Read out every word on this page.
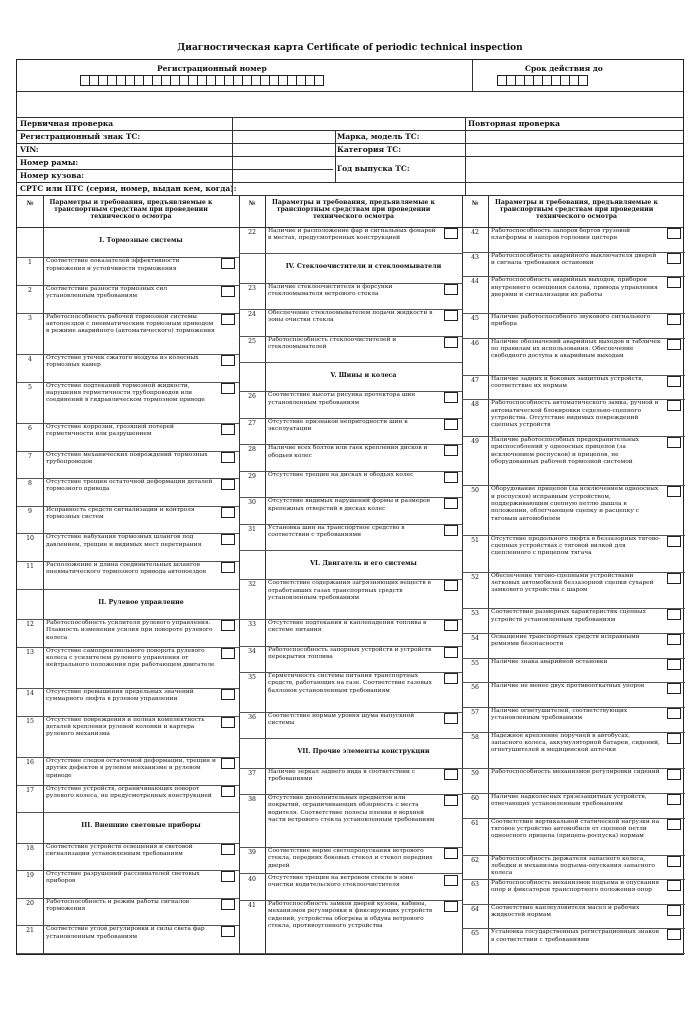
Диагностическая карта Certificate of periodic technical inspection
Регистрационный номер	Срок действия до
Первичная проверка	Повторная проверка
Регистрационный знак ТС:	Марка, модель ТС:
VIN:	Категория ТС:
Номер рамы:
Год выпуска ТС:
Номер кузова:
СРТС или ПТС (серия, номер, выдан кем, когда):
№	Параметры и требования, предъявляемые к транспортным средствам при проведении технического осмотра
I. Тормозные системы
1	Соответствие показателей эффективности торможения и устойчивости торможения
2	Соответствие разности тормозных сил установленным требованиям
3	Работоспособность рабочей тормозной системы автопоездов с пневматическим тормозным приводом в режиме аварийного (автоматического) торможения
4	Отсутствие утечек сжатого воздуха из колесных тормозных камер
5	Отсутствие подтеканий тормозной жидкости, нарушения герметичности трубопроводов или соединений в гидравлическом тормозном приводе
6	Отсутствие коррозии, грозящей потерей герметичности или разрушением
7	Отсутствие механических повреждений тормозных трубопроводов
8	Отсутствие трещин остаточной деформации деталей тормозного привода
9	Исправность средств сигнализации и контроля тормозных систем
10	Отсутствие набухания тормозных шлангов под давлением, трещин и видимых мест перетирания
11	Расположение и длина соединительных шлангов пневматического тормозного привода автопоездов
II. Рулевое управление
12	Работоспособность усилителя рулевого управления. Плавность изменения усилия при повороте рулевого колеса
13	Отсутствие самопроизвольного поворота рулевого колеса с усилителем рулевого управления от нейтрального положения при работающем двигателе
14	Отсутствие превышения предельных значений суммарного люфта в рулевом управлении
15	Отсутствие повреждения и полная комплектность деталей крепления рулевой колонки и картера рулевого механизма
16	Отсутствие следов остаточной деформации, трещин и других дефектов в рулевом механизме и рулевом приводе
17	Отсутствие устройств, ограничивающих поворот рулевого колеса, не предусмотренных конструкцией
III. Внешние световые приборы
18	Соответствие устройств освещения и световой сигнализации установленным требованиям
19	Отсутствие разрушений рассеивателей световых приборов
20	Работоспособность и режим работы сигналов торможения
21	Соответствие углов регулировки и силы света фар установленным требованиям
№	Параметры и требования, предъявляемые к транспортным средствам при проведении технического осмотра
22	Наличие и расположение фар и сигнальных фонарей в местах, предусмотренных конструкцией
IV. Стеклоочистители и стеклоомыватели
23	Наличие стеклоочистителя и форсунки стеклоомывателя ветрового стекла
24	Обеспечение стеклоомывателем подачи жидкости в зоны очистки стекла
25	Работоспособность стеклоочистителей и стеклоомывателей
V. Шины и колеса
26	Соответствие высоты рисунка протектора шин установленным требованиям
27	Отсутствие признаков непригодности шин к эксплуатации
28	Наличие всех болтов или гаек крепления дисков и ободьев колес
29	Отсутствие трещин на дисках и ободьях колес
30	Отсутствие видимых нарушений формы и размеров крепежных отверстий в дисках колес
31	Установка шин на транспортное средство в соответствии с требованиями
VI. Двигатель и его системы
32	Соответствие содержания загрязняющих веществ в отработавших газах транспортных средств установленным требованиям
33	Отсутствие подтекания и каплепадения топлива в системе питания
34	Работоспособность запорных устройств и устройств перекрытия топлива
35	Герметичность системы питания транспортных средств, работающих на газе. Соответствие газовых баллонов установленным требованиям
36	Соответствие нормам уровня шума выпускной системы
VII. Прочие элементы конструкции
37	Наличие зеркал заднего вида в соответствии с требованиями
38	Отсутствие дополнительных предметов или покрытий, ограничивающих обзорность с места водителя. Соответствие полосы пленки в верхней части ветрового стекла установленным требованиям
39	Соответствие норме светопропускания ветрового стекла, передних боковых стекол и стекол передних дверей
40	Отсутствие трещин на ветровом стекле в зоне очистки водительского стеклоочистителя
41	Работоспособность замков дверей кузова, кабины, механизмов регулировки и фиксирующих устройств сидений, устройства обогрева и обдува ветрового стекла, противоугонного устройства
№	Параметры и требования, предъявляемые к транспортным средствам при проведении технического осмотра
42	Работоспособность запоров бортов грузовой платформы и запоров горловин цистерн
43	Работоспособность аварийного выключателя дверей и сигнала требования остановки
44	Работоспособность аварийных выходов, приборов внутреннего освещения салона, привода управления дверями и сигнализации их работы
45	Наличие работоспособного звукового сигнального прибора
46	Наличие обозначений аварийных выходов и табличек по правилам их использования. Обеспечение свободного доступа к аварийным выходам
47	Наличие задних и боковых защитных устройств, соответствие их нормам
48	Работоспособность автоматического замка, ручной и автоматической блокировки седельно-сцепного устройства. Отсутствие видимых повреждений сцепных устройств
49	Наличие работоспособных предохранительных приспособлений у одноосных прицепов (за исключением роспусков) и прицепов, не оборудованных рабочей тормозной системой
50	Оборудование прицепов (за исключением одноосных и роспусков) исправным устройством, поддерживающим сцепную петлю дышла в положении, облегчающем сцепку и расцепку с тяговым автомобилем
51	Отсутствие продольного люфта в беззазорных тягово-сцепных устройствах с тяговой вилкой для сцепленного с прицепом тягача
52	Обеспечение тягово-сцепными устройствами легковых автомобилей беззазорной сцепки сухарей замкового устройства с шаром
53	Соответствие размерных характеристик сцепных устройств установленным требованиям
54	Оснащение транспортных средств исправными ремнями безопасности
55	Наличие знака аварийной остановки
56	Наличие не менее двух противооткатных упоров
57	Наличие огнетушителей, соответствующих установленным требованиям
58	Надежное крепление поручней в автобусах, запасного колеса, аккумуляторной батареи, сидений, огнетушителей и медицинской аптечки
59	Работоспособность механизмов регулировки сидений
60	Наличие надколесных грязезащитных устройств, отвечающих установленным требованиям
61	Соответствие вертикальной статической нагрузки на тяговое устройство автомобиля от сцепной петли одноосного прицепа (прицепа-роспуска) нормам
62	Работоспособность держателя запасного колеса, лебедки и механизма подъема-опускания запасного колеса
63	Работоспособность механизмов подъема и опускания опор и фиксаторов транспортного положения опор
64	Соответствие каплеуловителя масел и рабочих жидкостей нормам
65	Установка государственных регистрационных знаков в соответствии с требованиями
